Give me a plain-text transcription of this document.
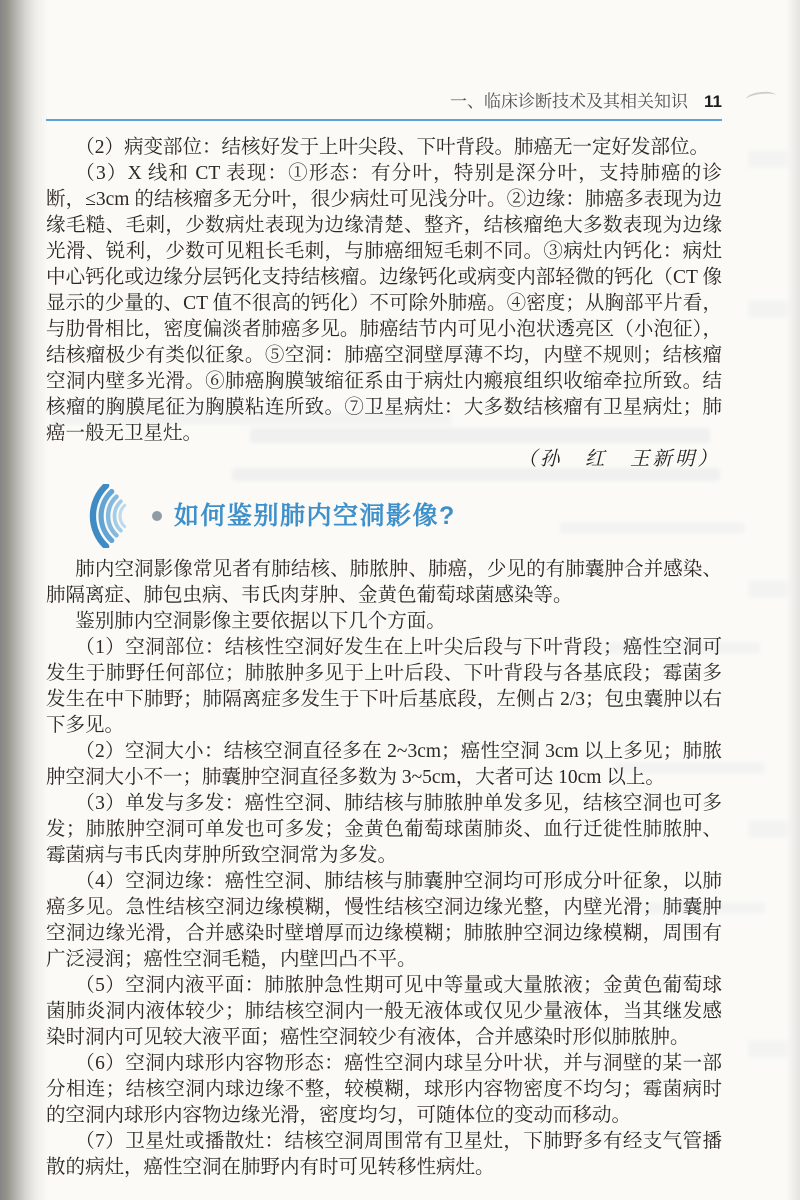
一、临床诊断技术及其相关知识 11

（2）病变部位：结核好发于上叶尖段、下叶背段。肺癌无一定好发部位。

（3）X 线和 CT 表现：①形态：有分叶，特别是深分叶，支持肺癌的诊断，≤3cm 的结核瘤多无分叶，很少病灶可见浅分叶。②边缘：肺癌多表现为边缘毛糙、毛刺，少数病灶表现为边缘清楚、整齐，结核瘤绝大多数表现为边缘光滑、锐利，少数可见粗长毛刺，与肺癌细短毛刺不同。③病灶内钙化：病灶中心钙化或边缘分层钙化支持结核瘤。边缘钙化或病变内部轻微的钙化（CT 像显示的少量的、CT 值不很高的钙化）不可除外肺癌。④密度；从胸部平片看，与肋骨相比，密度偏淡者肺癌多见。肺癌结节内可见小泡状透亮区（小泡征），结核瘤极少有类似征象。⑤空洞：肺癌空洞壁厚薄不均，内壁不规则；结核瘤空洞内壁多光滑。⑥肺癌胸膜皱缩征系由于病灶内瘢痕组织收缩牵拉所致。结核瘤的胸膜尾征为胸膜粘连所致。⑦卫星病灶：大多数结核瘤有卫星病灶；肺癌一般无卫星灶。

（孙　红　王新明）

如何鉴别肺内空洞影像?

肺内空洞影像常见者有肺结核、肺脓肿、肺癌，少见的有肺囊肿合并感染、肺隔离症、肺包虫病、韦氏肉芽肿、金黄色葡萄球菌感染等。

鉴别肺内空洞影像主要依据以下几个方面。

（1）空洞部位：结核性空洞好发生在上叶尖后段与下叶背段；癌性空洞可发生于肺野任何部位；肺脓肿多见于上叶后段、下叶背段与各基底段；霉菌多发生在中下肺野；肺隔离症多发生于下叶后基底段，左侧占 2/3；包虫囊肿以右下多见。

（2）空洞大小：结核空洞直径多在 2~3cm；癌性空洞 3cm 以上多见；肺脓肿空洞大小不一；肺囊肿空洞直径多数为 3~5cm，大者可达 10cm 以上。

（3）单发与多发：癌性空洞、肺结核与肺脓肿单发多见，结核空洞也可多发；肺脓肿空洞可单发也可多发；金黄色葡萄球菌肺炎、血行迁徙性肺脓肿、霉菌病与韦氏肉芽肿所致空洞常为多发。

（4）空洞边缘：癌性空洞、肺结核与肺囊肿空洞均可形成分叶征象，以肺癌多见。急性结核空洞边缘模糊，慢性结核空洞边缘光整，内壁光滑；肺囊肿空洞边缘光滑，合并感染时壁增厚而边缘模糊；肺脓肿空洞边缘模糊，周围有广泛浸润；癌性空洞毛糙，内壁凹凸不平。

（5）空洞内液平面：肺脓肿急性期可见中等量或大量脓液；金黄色葡萄球菌肺炎洞内液体较少；肺结核空洞内一般无液体或仅见少量液体，当其继发感染时洞内可见较大液平面；癌性空洞较少有液体，合并感染时形似肺脓肿。

（6）空洞内球形内容物形态：癌性空洞内球呈分叶状，并与洞壁的某一部分相连；结核空洞内球边缘不整，较模糊，球形内容物密度不均匀；霉菌病时的空洞内球形内容物边缘光滑，密度均匀，可随体位的变动而移动。

（7）卫星灶或播散灶：结核空洞周围常有卫星灶，下肺野多有经支气管播散的病灶，癌性空洞在肺野内有时可见转移性病灶。
